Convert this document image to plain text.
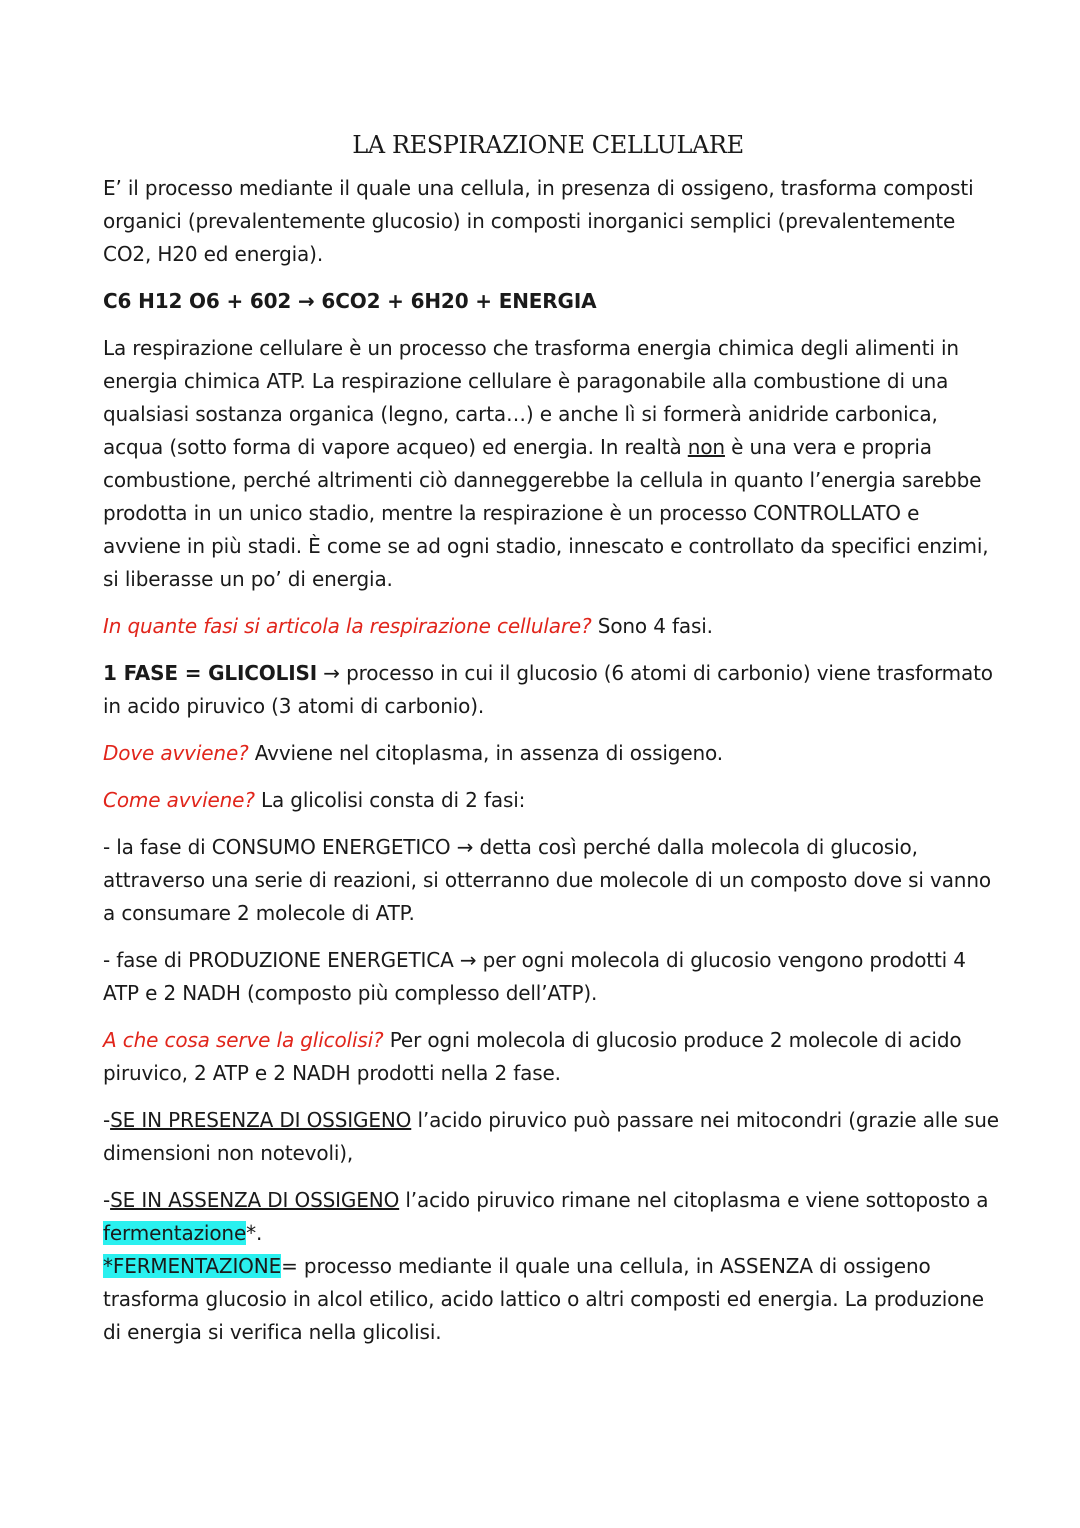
LA RESPIRAZIONE CELLULARE

E’ il processo mediante il quale una cellula, in presenza di ossigeno, trasforma composti organici (prevalentemente glucosio) in composti inorganici semplici (prevalentemente CO2, H20 ed energia).

C6 H12 O6 + 602 → 6CO2 + 6H20 + ENERGIA

La respirazione cellulare è un processo che trasforma energia chimica degli alimenti in energia chimica ATP. La respirazione cellulare è paragonabile alla combustione di una qualsiasi sostanza organica (legno, carta…) e anche lì si formerà anidride carbonica, acqua (sotto forma di vapore acqueo) ed energia. In realtà non è una vera e propria combustione, perché altrimenti ciò danneggerebbe la cellula in quanto l’energia sarebbe prodotta in un unico stadio, mentre la respirazione è un processo CONTROLLATO e avviene in più stadi. È come se ad ogni stadio, innescato e controllato da specifici enzimi, si liberasse un po’ di energia.

In quante fasi si articola la respirazione cellulare? Sono 4 fasi.

1 FASE = GLICOLISI → processo in cui il glucosio (6 atomi di carbonio) viene trasformato in acido piruvico (3 atomi di carbonio).

Dove avviene? Avviene nel citoplasma, in assenza di ossigeno.

Come avviene? La glicolisi consta di 2 fasi:

- la fase di CONSUMO ENERGETICO → detta così perché dalla molecola di glucosio, attraverso una serie di reazioni, si otterranno due molecole di un composto dove si vanno a consumare 2 molecole di ATP.

- fase di PRODUZIONE ENERGETICA → per ogni molecola di glucosio vengono prodotti 4 ATP e 2 NADH (composto più complesso dell’ATP).

A che cosa serve la glicolisi? Per ogni molecola di glucosio produce 2 molecole di acido piruvico, 2 ATP e 2 NADH prodotti nella 2 fase.

-SE IN PRESENZA DI OSSIGENO l’acido piruvico può passare nei mitocondri (grazie alle sue dimensioni non notevoli),

-SE IN ASSENZA DI OSSIGENO l’acido piruvico rimane nel citoplasma e viene sottoposto a fermentazione*.

*FERMENTAZIONE= processo mediante il quale una cellula, in ASSENZA di ossigeno trasforma glucosio in alcol etilico, acido lattico o altri composti ed energia. La produzione di energia si verifica nella glicolisi.
